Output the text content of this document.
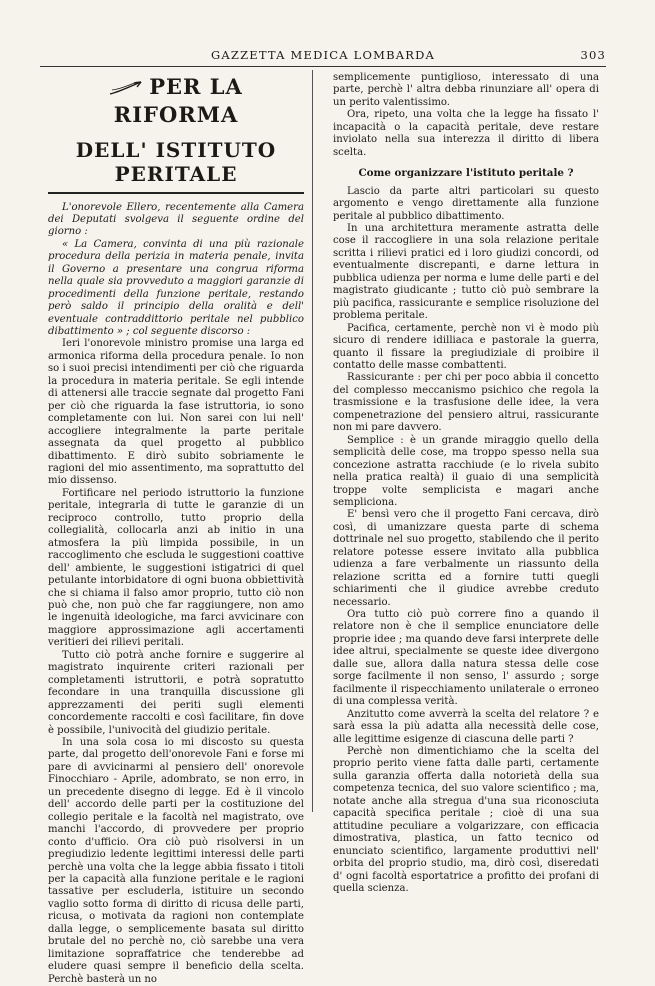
GAZZETTA MEDICA LOMBARDA	303
PER LA RIFORMA
DELL' ISTITUTO PERITALE

L'onorevole Ellero, recentemente alla Camera dei Deputati svolgeva il seguente ordine del giorno :

« La Camera, convinta di una più razionale procedura della perizia in materia penale, invita il Governo a presentare una congrua riforma nella quale sia provveduto a maggiori garanzie di procedimenti della funzione peritale, restando però saldo il principio della oralità e dell' eventuale contraddittorio peritale nel pubblico dibattimento » ; col seguente discorso :

Ieri l'onorevole ministro promise una larga ed armonica riforma della procedura penale. Io non so i suoi precisi intendimenti per ciò che riguarda la procedura in materia peritale. Se egli intende di attenersi alle traccie segnate dal progetto Fani per ciò che riguarda la fase istruttoria, io sono completamente con lui. Non sarei con lui nell' accogliere integralmente la parte peritale assegnata da quel progetto al pubblico dibattimento. E dirò subito sobriamente le ragioni del mio assentimento, ma soprattutto del mio dissenso.

Fortificare nel periodo istruttorio la funzione peritale, integrarla di tutte le garanzie di un reciproco controllo, tutto proprio della collegialità, collocarla anzi ab initio in una atmosfera la più limpida possibile, in un raccoglimento che escluda le suggestioni coattive dell' ambiente, le suggestioni istigatrici di quel petulante intorbidatore di ogni buona obbiettività che si chiama il falso amor proprio, tutto ciò non può che, non può che far raggiungere, non amo le ingenuità ideologiche, ma farci avvicinare con maggiore approssimazione agli accertamenti veritieri dei rilievi peritali.

Tutto ciò potrà anche fornire e suggerire al magistrato inquirente criteri razionali per completamenti istruttorii, e potrà sopratutto fecondare in una tranquilla discussione gli apprezzamenti dei periti sugli elementi concordemente raccolti e così facilitare, fin dove è possibile, l'univocità del giudizio peritale.

In una sola cosa io mi discosto su questa parte, dal progetto dell'onorevole Fani e forse mi pare di avvicinarmi al pensiero dell' onorevole Finocchiaro - Aprile, adombrato, se non erro, in un precedente disegno di legge. Ed è il vincolo dell' accordo delle parti per la costituzione del collegio peritale e la facoltà nel magistrato, ove manchi l'accordo, di provvedere per proprio conto d'ufficio. Ora ciò può risolversi in un pregiudizio ledente legittimi interessi delle parti perchè una volta che la legge abbia fissato i titoli per la capacità alla funzione peritale e le ragioni tassative per escluderla, istituire un secondo vaglio sotto forma di diritto di ricusa delle parti, ricusa, o motivata da ragioni non contemplate dalla legge, o semplicemente basata sul diritto brutale del no perchè no, ciò sarebbe una vera limitazione sopraffatrice che tenderebbe ad eludere quasi sempre il beneficio della scelta. Perchè basterà un no

semplicemente puntiglioso, interessato di una parte, perchè l' altra debba rinunziare all' opera di un perito valentissimo.

Ora, ripeto, una volta che la legge ha fissato l' incapacità o la capacità peritale, deve restare inviolato nella sua interezza il diritto di libera scelta.

Come organizzare l'istituto peritale ?

Lascio da parte altri particolari su questo argomento e vengo direttamente alla funzione peritale al pubblico dibattimento.

In una architettura meramente astratta delle cose il raccogliere in una sola relazione peritale scritta i rilievi pratici ed i loro giudizi concordi, od eventualmente discrepanti, e darne lettura in pubblica udienza per norma e lume delle parti e del magistrato giudicante ; tutto ciò può sembrare la più pacifica, rassicurante e semplice risoluzione del problema peritale.

Pacifica, certamente, perchè non vi è modo più sicuro di rendere idilliaca e pastorale la guerra, quanto il fissare la pregiudiziale di proibire il contatto delle masse combattenti.

Rassicurante : per chi per poco abbia il concetto del complesso meccanismo psichico che regola la trasmissione e la trasfusione delle idee, la vera compenetrazione del pensiero altrui, rassicurante non mi pare davvero.

Semplice : è un grande miraggio quello della semplicità delle cose, ma troppo spesso nella sua concezione astratta racchiude (e lo rivela subito nella pratica realtà) il guaio di una semplicità troppe volte semplicista e magari anche sempliciona.

E' bensì vero che il progetto Fani cercava, dirò così, di umanizzare questa parte di schema dottrinale nel suo progetto, stabilendo che il perito relatore potesse essere invitato alla pubblica udienza a fare verbalmente un riassunto della relazione scritta ed a fornire tutti quegli schiarimenti che il giudice avrebbe creduto necessario.

Ora tutto ciò può correre fino a quando il relatore non è che il semplice enunciatore delle proprie idee ; ma quando deve farsi interprete delle idee altrui, specialmente se queste idee divergono dalle sue, allora dalla natura stessa delle cose sorge facilmente il non senso, l' assurdo ; sorge facilmente il rispecchiamento unilaterale o erroneo di una complessa verità.

Anzitutto come avverrà la scelta del relatore ? e sarà essa la più adatta alla necessità delle cose, alle legittime esigenze di ciascuna delle parti ?

Perchè non dimentichiamo che la scelta del proprio perito viene fatta dalle parti, certamente sulla garanzia offerta dalla notorietà della sua competenza tecnica, del suo valore scientifico ; ma, notate anche alla stregua d'una sua riconosciuta capacità specifica peritale ; cioè di una sua attitudine peculiare a volgarizzare, con efficacia dimostrativa, plastica, un fatto tecnico od enunciato scientifico, largamente produttivi nell' orbita del proprio studio, ma, dirò così, diseredati d' ogni facoltà esportatrice a profitto dei profani di quella scienza.
